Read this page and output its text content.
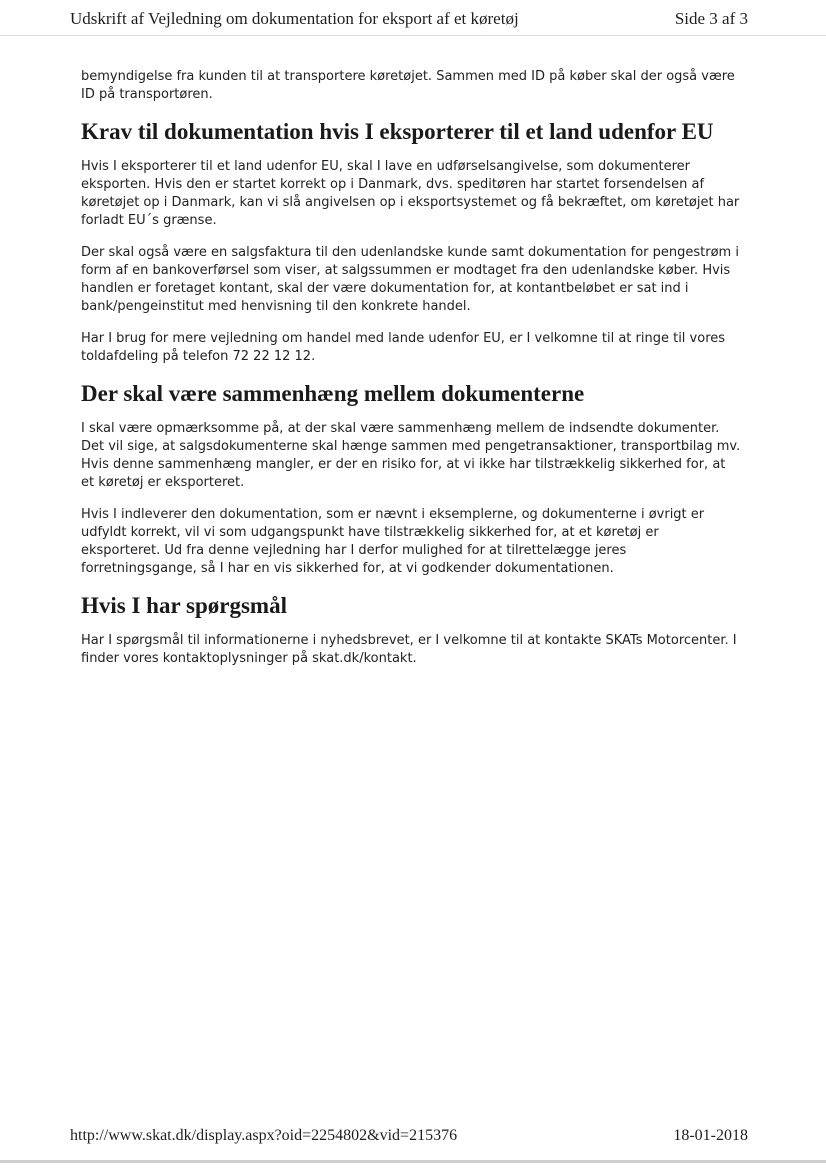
Udskrift af Vejledning om dokumentation for eksport af et køretøj	Side 3 af 3

bemyndigelse fra kunden til at transportere køretøjet. Sammen med ID på køber skal der også være ID på transportøren.

Krav til dokumentation hvis I eksporterer til et land udenfor EU

Hvis I eksporterer til et land udenfor EU, skal I lave en udførselsangivelse, som dokumenterer eksporten. Hvis den er startet korrekt op i Danmark, dvs. speditøren har startet forsendelsen af køretøjet op i Danmark, kan vi slå angivelsen op i eksportsystemet og få bekræftet, om køretøjet har forladt EU´s grænse.

Der skal også være en salgsfaktura til den udenlandske kunde samt dokumentation for pengestrøm i form af en bankoverførsel som viser, at salgssummen er modtaget fra den udenlandske køber. Hvis handlen er foretaget kontant, skal der være dokumentation for, at kontantbeløbet er sat ind i bank/pengeinstitut med henvisning til den konkrete handel.

Har I brug for mere vejledning om handel med lande udenfor EU, er I velkomne til at ringe til vores toldafdeling på telefon 72 22 12 12.

Der skal være sammenhæng mellem dokumenterne

I skal være opmærksomme på, at der skal være sammenhæng mellem de indsendte dokumenter. Det vil sige, at salgsdokumenterne skal hænge sammen med pengetransaktioner, transportbilag mv. Hvis denne sammenhæng mangler, er der en risiko for, at vi ikke har tilstrækkelig sikkerhed for, at et køretøj er eksporteret.

Hvis I indleverer den dokumentation, som er nævnt i eksemplerne, og dokumenterne i øvrigt er udfyldt korrekt, vil vi som udgangspunkt have tilstrækkelig sikkerhed for, at et køretøj er eksporteret. Ud fra denne vejledning har I derfor mulighed for at tilrettelægge jeres forretningsgange, så I har en vis sikkerhed for, at vi godkender dokumentationen.

Hvis I har spørgsmål

Har I spørgsmål til informationerne i nyhedsbrevet, er I velkomne til at kontakte SKATs Motorcenter. I finder vores kontaktoplysninger på skat.dk/kontakt.

http://www.skat.dk/display.aspx?oid=2254802&vid=215376	18-01-2018
